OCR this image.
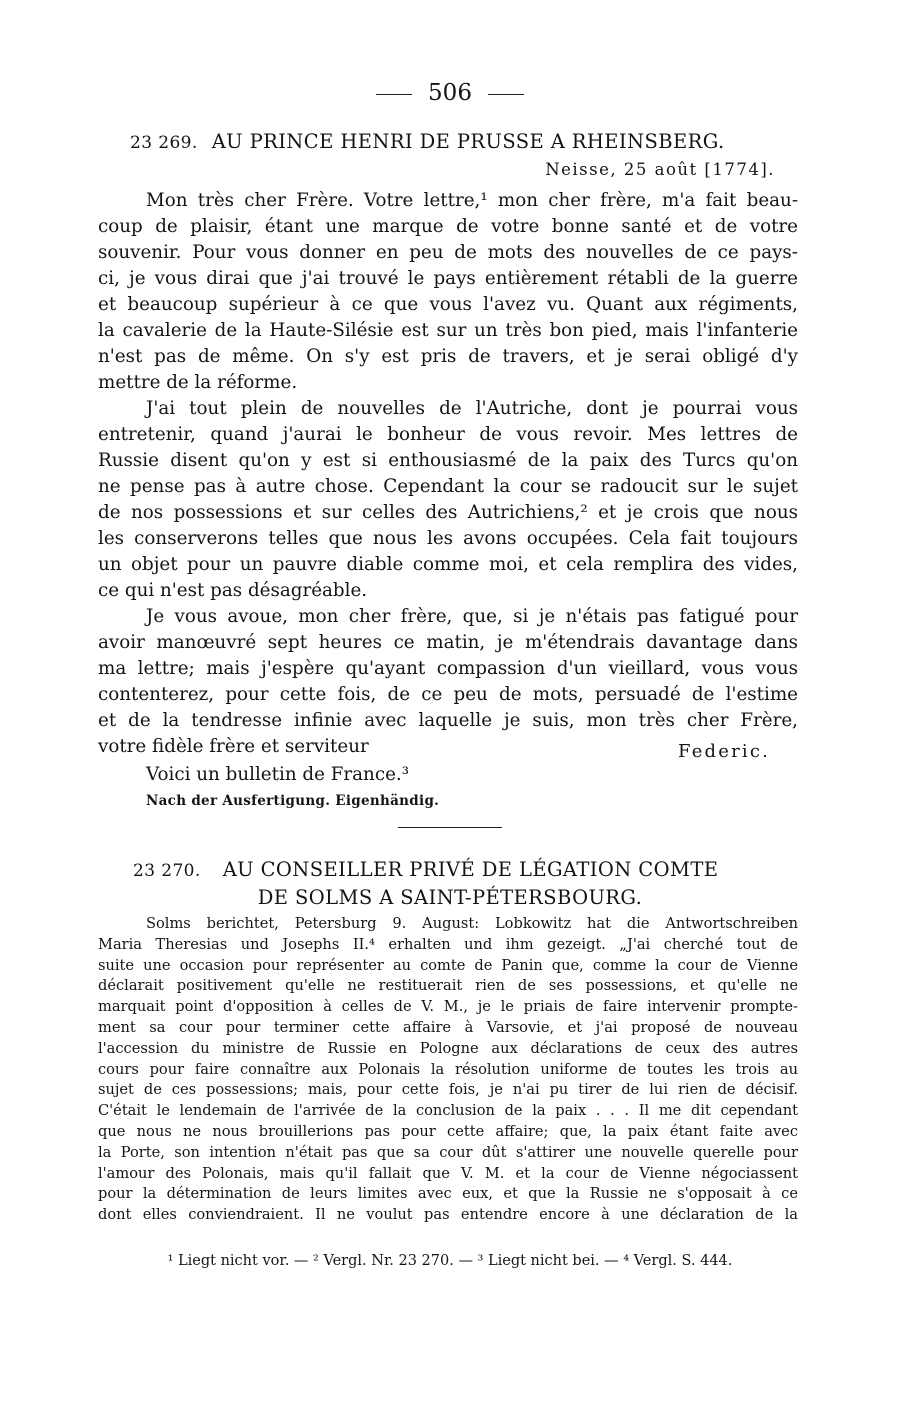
506
23 269. AU PRINCE HENRI DE PRUSSE A RHEINSBERG.
Neisse, 25 août [1774].
Mon très cher Frère. Votre lettre,¹ mon cher frère, m'a fait beau-
coup de plaisir, étant une marque de votre bonne santé et de votre
souvenir. Pour vous donner en peu de mots des nouvelles de ce pays-
ci, je vous dirai que j'ai trouvé le pays entièrement rétabli de la guerre
et beaucoup supérieur à ce que vous l'avez vu. Quant aux régiments,
la cavalerie de la Haute-Silésie est sur un très bon pied, mais l'infanterie
n'est pas de même. On s'y est pris de travers, et je serai obligé d'y
mettre de la réforme.
J'ai tout plein de nouvelles de l'Autriche, dont je pourrai vous
entretenir, quand j'aurai le bonheur de vous revoir. Mes lettres de
Russie disent qu'on y est si enthousiasmé de la paix des Turcs qu'on
ne pense pas à autre chose. Cependant la cour se radoucit sur le sujet
de nos possessions et sur celles des Autrichiens,² et je crois que nous
les conserverons telles que nous les avons occupées. Cela fait toujours
un objet pour un pauvre diable comme moi, et cela remplira des vides,
ce qui n'est pas désagréable.
Je vous avoue, mon cher frère, que, si je n'étais pas fatigué pour
avoir manœuvré sept heures ce matin, je m'étendrais davantage dans
ma lettre; mais j'espère qu'ayant compassion d'un vieillard, vous vous
contenterez, pour cette fois, de ce peu de mots, persuadé de l'estime
et de la tendresse infinie avec laquelle je suis, mon très cher Frère,
votre fidèle frère et serviteur	Federic.
Voici un bulletin de France.³
Nach der Ausfertigung. Eigenhändig.
23 270. AU CONSEILLER PRIVÉ DE LÉGATION COMTE
DE SOLMS A SAINT-PÉTERSBOURG.
Solms berichtet, Petersburg 9. August: Lobkowitz hat die Antwortschreiben
Maria Theresias und Josephs II.⁴ erhalten und ihm gezeigt. „J'ai cherché tout de
suite une occasion pour représenter au comte de Panin que, comme la cour de Vienne
déclarait positivement qu'elle ne restituerait rien de ses possessions, et qu'elle ne
marquait point d'opposition à celles de V. M., je le priais de faire intervenir prompte-
ment sa cour pour terminer cette affaire à Varsovie, et j'ai proposé de nouveau
l'accession du ministre de Russie en Pologne aux déclarations de ceux des autres
cours pour faire connaître aux Polonais la résolution uniforme de toutes les trois au
sujet de ces possessions; mais, pour cette fois, je n'ai pu tirer de lui rien de décisif.
C'était le lendemain de l'arrivée de la conclusion de la paix . . . Il me dit cependant
que nous ne nous brouillerions pas pour cette affaire; que, la paix étant faite avec
la Porte, son intention n'était pas que sa cour dût s'attirer une nouvelle querelle pour
l'amour des Polonais, mais qu'il fallait que V. M. et la cour de Vienne négociassent
pour la détermination de leurs limites avec eux, et que la Russie ne s'opposait à ce
dont elles conviendraient. Il ne voulut pas entendre encore à une déclaration de la
¹ Liegt nicht vor. — ² Vergl. Nr. 23 270. — ³ Liegt nicht bei. — ⁴ Vergl. S. 444.
